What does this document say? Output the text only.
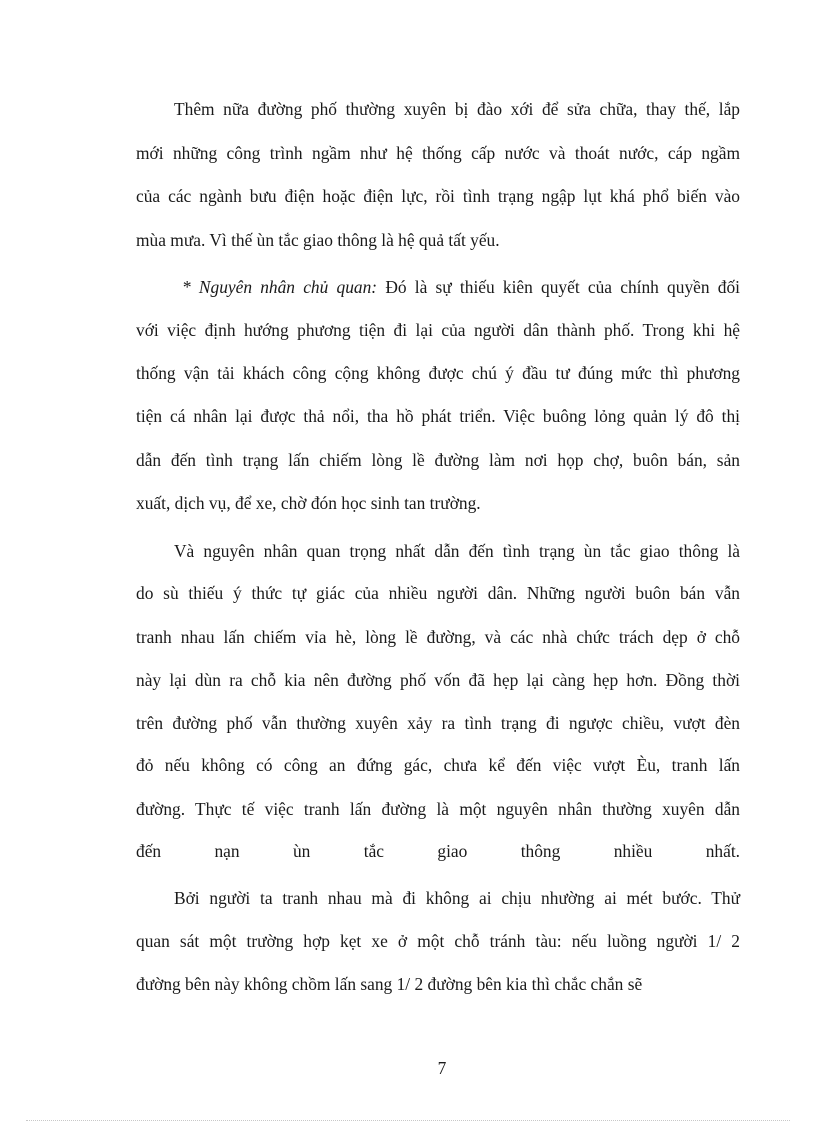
Thêm nữa đường phố thường xuyên bị đào xới để sửa chữa, thay thế, lắp
mới những công trình ngầm như hệ thống cấp nước và thoát nước, cáp ngầm
của các ngành bưu điện hoặc điện lực, rồi tình trạng ngập lụt khá phổ biến vào
mùa mưa. Vì thế ùn tắc giao thông là hệ quả tất yếu.
* Nguyên nhân chủ quan: Đó là sự thiếu kiên quyết của chính quyền đối
với việc định hướng phương tiện đi lại của người dân thành phố. Trong khi hệ
thống vận tải khách công cộng không được chú ý đầu tư đúng mức thì phương
tiện cá nhân lại được thả nổi, tha hồ phát triển. Việc buông lỏng quản lý đô thị
dẫn đến tình trạng lấn chiếm lòng lề đường làm nơi họp chợ, buôn bán, sản
xuất, dịch vụ, để xe, chờ đón học sinh tan trường.
Và nguyên nhân quan trọng nhất dẫn đến tình trạng ùn tắc giao thông là
do sù thiếu ý thức tự giác của nhiều người dân. Những người buôn bán vẫn
tranh nhau lấn chiếm vỉa hè, lòng lề đường, và các nhà chức trách dẹp ở chỗ
này lại dùn ra chỗ kia nên đường phố vốn đã hẹp lại càng hẹp hơn. Đồng thời
trên đường phố vẫn thường xuyên xảy ra tình trạng đi ngược chiều, vượt đèn
đỏ nếu không có công an đứng gác, chưa kể đến việc vượt Èu, tranh lấn
đường. Thực tế việc tranh lấn đường là một nguyên nhân thường xuyên dẫn
đến nạn ùn tắc giao thông nhiều nhất.
Bởi người ta tranh nhau mà đi không ai chịu nhường ai mét bước. Thử
quan sát một trường hợp kẹt xe ở một chỗ tránh tàu: nếu luồng người 1/ 2
đường bên này không chồm lấn sang 1/ 2 đường bên kia thì chắc chắn sẽ
7
